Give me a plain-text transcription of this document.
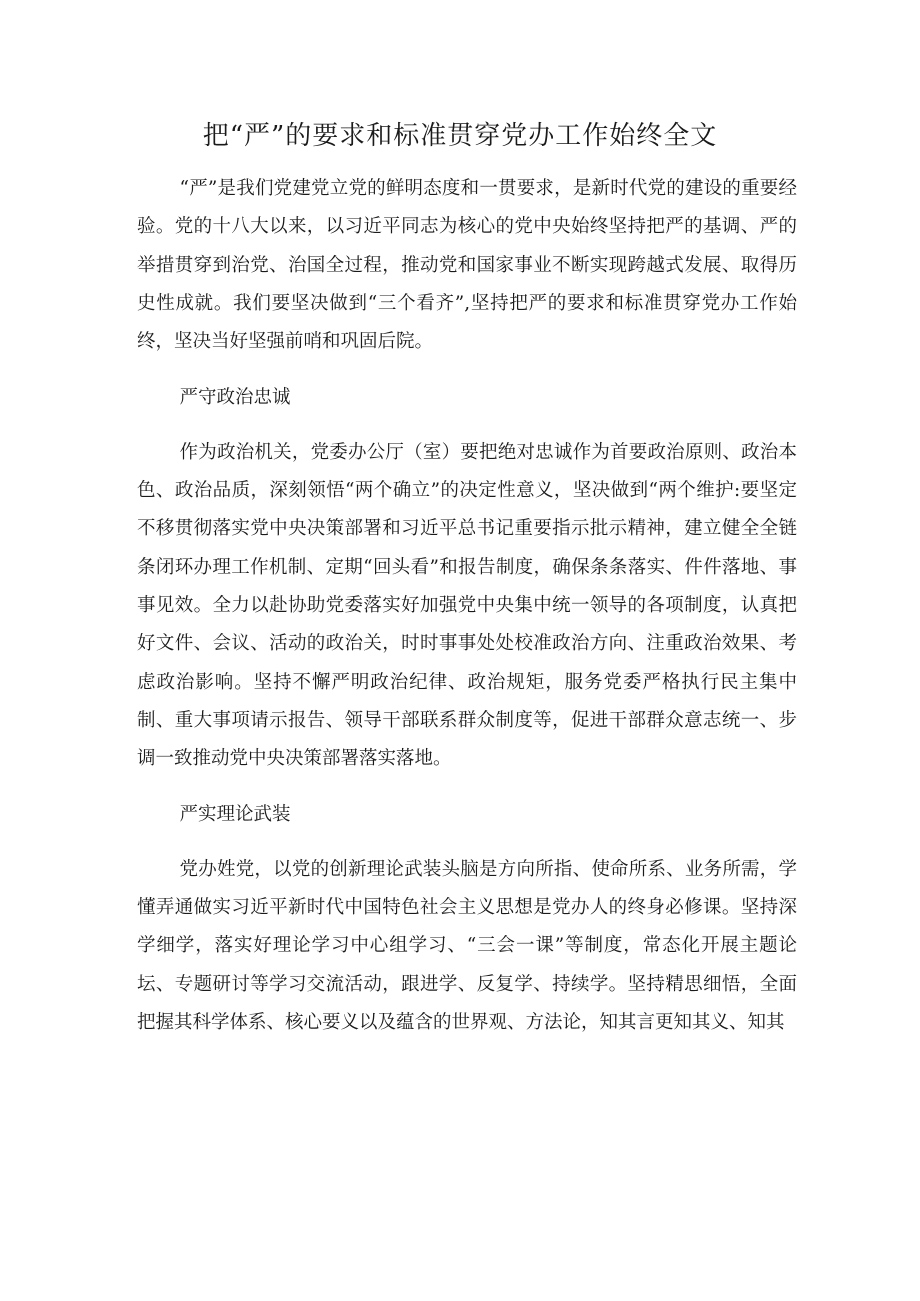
把“严”的要求和标准贯穿党办工作始终全文

“严”是我们党建党立党的鲜明态度和一贯要求，是新时代党的建设的重要经验。党的十八大以来，以习近平同志为核心的党中央始终坚持把严的基调、严的举措贯穿到治党、治国全过程，推动党和国家事业不断实现跨越式发展、取得历史性成就。我们要坚决做到“三个看齐”,坚持把严的要求和标准贯穿党办工作始终，坚决当好坚强前哨和巩固后院。

严守政治忠诚

作为政治机关，党委办公厅（室）要把绝对忠诚作为首要政治原则、政治本色、政治品质，深刻领悟“两个确立”的决定性意义，坚决做到“两个维护:要坚定不移贯彻落实党中央决策部署和习近平总书记重要指示批示精神，建立健全全链条闭环办理工作机制、定期“回头看”和报告制度，确保条条落实、件件落地、事事见效。全力以赴协助党委落实好加强党中央集中统一领导的各项制度，认真把好文件、会议、活动的政治关，时时事事处处校准政治方向、注重政治效果、考虑政治影响。坚持不懈严明政治纪律、政治规矩，服务党委严格执行民主集中制、重大事项请示报告、领导干部联系群众制度等，促进干部群众意志统一、步调一致推动党中央决策部署落实落地。

严实理论武装

党办姓党，以党的创新理论武装头脑是方向所指、使命所系、业务所需，学懂弄通做实习近平新时代中国特色社会主义思想是党办人的终身必修课。坚持深学细学，落实好理论学习中心组学习、“三会一课”等制度，常态化开展主题论坛、专题研讨等学习交流活动，跟进学、反复学、持续学。坚持精思细悟，全面把握其科学体系、核心要义以及蕴含的世界观、方法论，知其言更知其义、知其
